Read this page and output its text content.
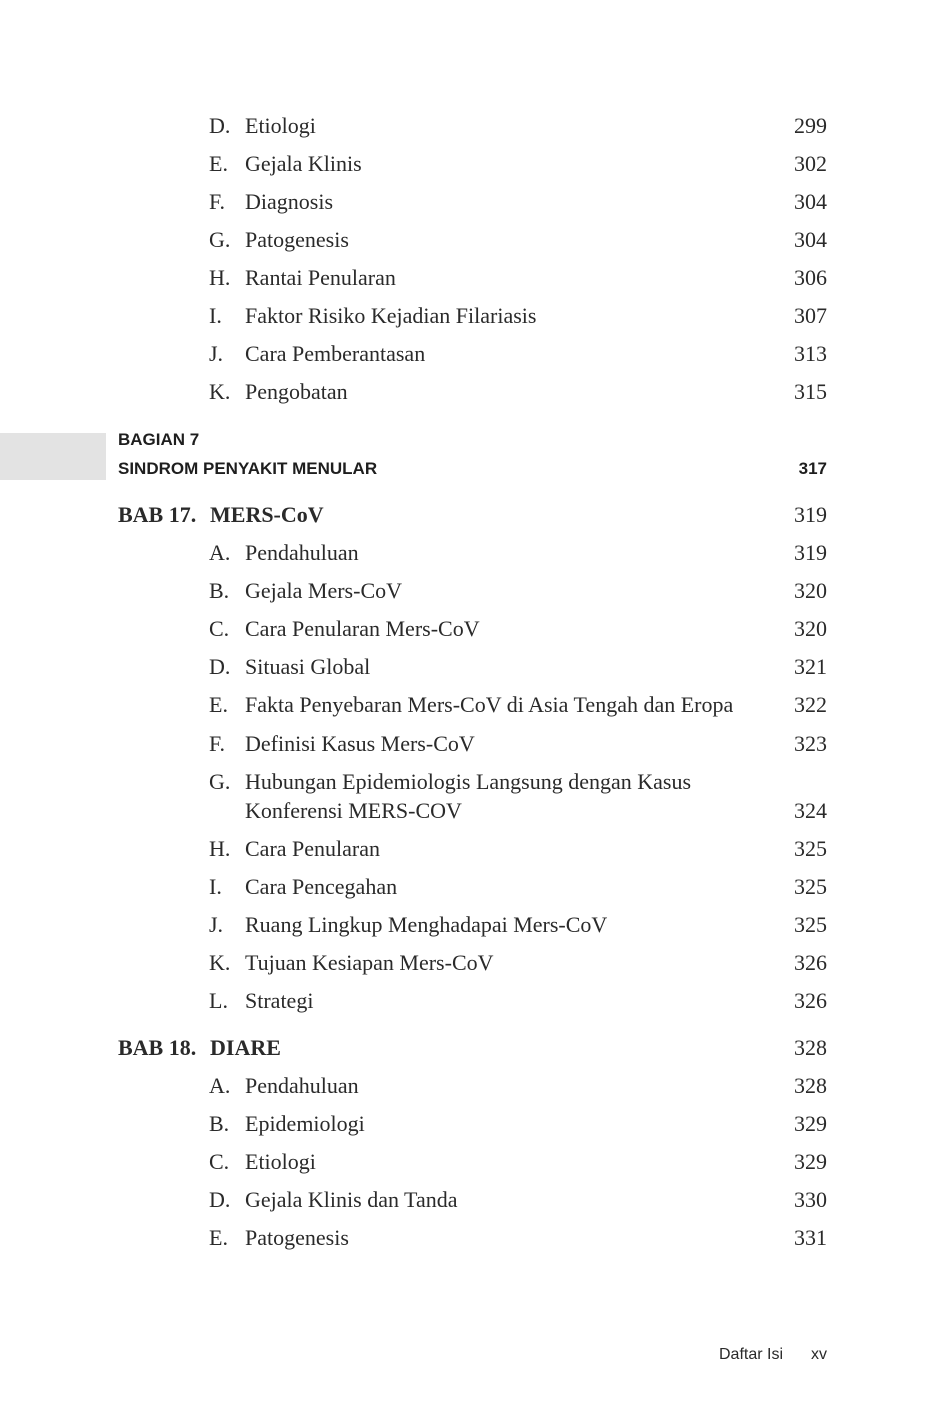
D. Etiologi	299
E. Gejala Klinis	302
F. Diagnosis	304
G. Patogenesis	304
H. Rantai Penularan	306
I. Faktor Risiko Kejadian Filariasis	307
J. Cara Pemberantasan	313
K. Pengobatan	315
BAGIAN 7
SINDROM PENYAKIT MENULAR	317
BAB 17. MERS-CoV	319
A. Pendahuluan	319
B. Gejala Mers-CoV	320
C. Cara Penularan Mers-CoV	320
D. Situasi Global	321
E. Fakta Penyebaran Mers-CoV di Asia Tengah dan Eropa	322
F. Definisi Kasus Mers-CoV	323
G. Hubungan Epidemiologis Langsung dengan Kasus
Konferensi MERS-COV	324
H. Cara Penularan	325
I. Cara Pencegahan	325
J. Ruang Lingkup Menghadapai Mers-CoV	325
K. Tujuan Kesiapan Mers-CoV	326
L. Strategi	326
BAB 18. DIARE	328
A. Pendahuluan	328
B. Epidemiologi	329
C. Etiologi	329
D. Gejala Klinis dan Tanda	330
E. Patogenesis	331
Daftar Isi xv
